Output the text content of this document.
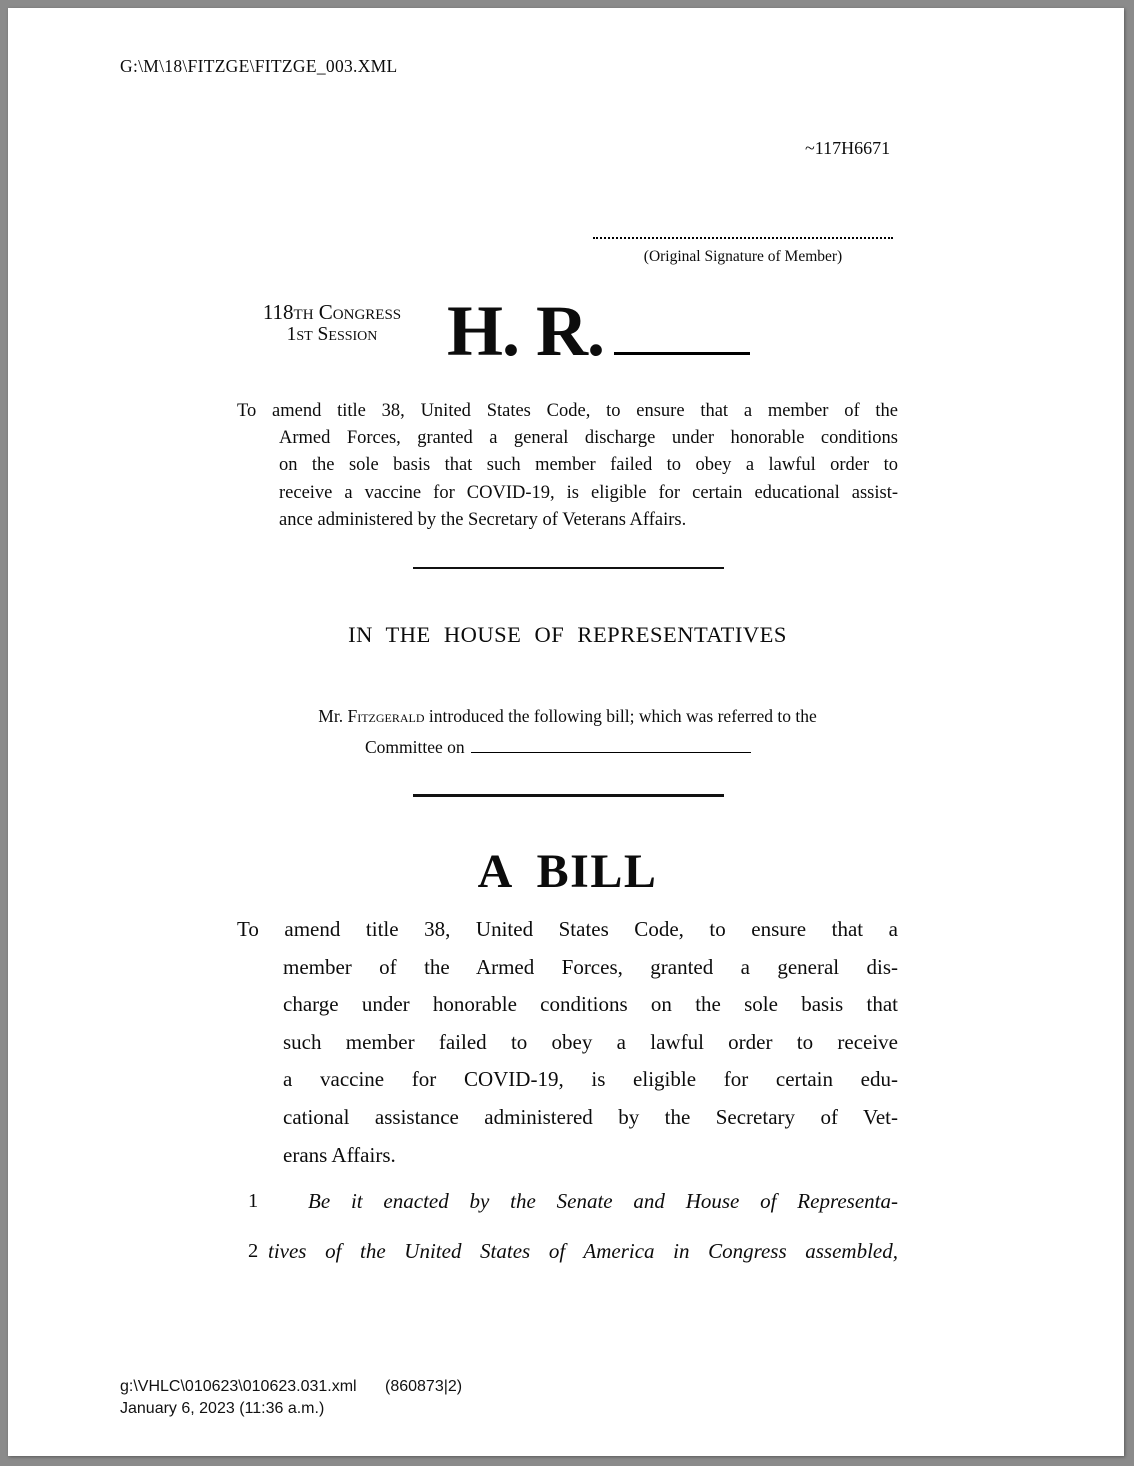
G:\M\18\FITZGE\FITZGE_003.XML
~117H6671
(Original Signature of Member)
118th Congress
1st Session H. R.
To amend title 38, United States Code, to ensure that a member of the
Armed Forces, granted a general discharge under honorable conditions
on the sole basis that such member failed to obey a lawful order to
receive a vaccine for COVID-19, is eligible for certain educational assist-
ance administered by the Secretary of Veterans Affairs.
IN THE HOUSE OF REPRESENTATIVES
Mr. Fitzgerald introduced the following bill; which was referred to the
Committee on
A BILL
To amend title 38, United States Code, to ensure that a
member of the Armed Forces, granted a general dis-
charge under honorable conditions on the sole basis that
such member failed to obey a lawful order to receive
a vaccine for COVID-19, is eligible for certain edu-
cational assistance administered by the Secretary of Vet-
erans Affairs.
1 Be it enacted by the Senate and House of Representa-
2 tives of the United States of America in Congress assembled,
g:\VHLC\010623\010623.031.xml (860873|2)
January 6, 2023 (11:36 a.m.)
